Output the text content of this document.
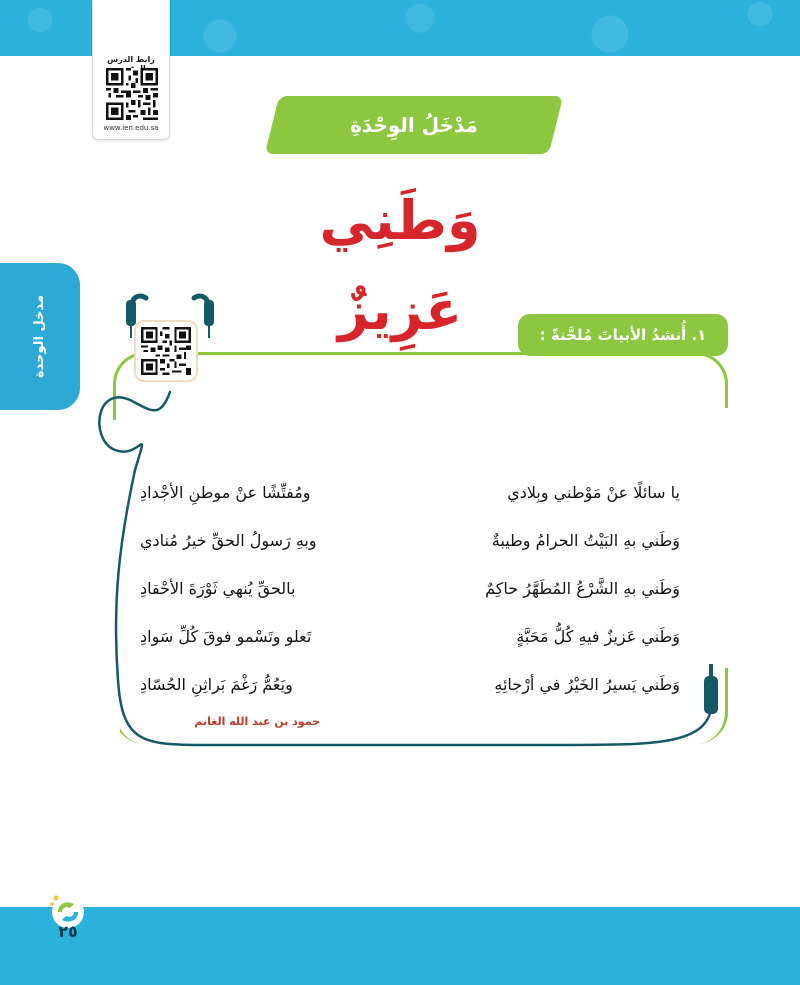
رابط الدرس
www.ien.edu.sa	مَدْخَلُ الوِحْدَةِ
وَطَنِي عَزِيزٌ
مدخل الوحدة	١. أُنشدُ الأبياتَ مُلحَّنةً :
يا سائلًا عنْ مَوْطني وبِلادي
ومُفتِّشًا عنْ موطنِ الأجْدادِ
وَطَني بهِ البَيْتُ الحرامُ وطيبةٌ
وبهِ رَسولُ الحقِّ خيرُ مُنادي
وَطَني بهِ الشَّرْعُ المُطَهَّرُ حاكِمٌ
بالحقِّ يُنهي ثَوْرَةَ الأحْقادِ
وَطَني عَزيزٌ فيهِ كُلُّ مَحَبَّةٍ
تَعلو وتَسْمو فوقَ كُلِّ سَوادِ
وَطَني يَسيرُ الخَيْرُ في أرْجائِهِ
ويَعُمُّ رَغْمَ بَراثِنِ الحُسّادِ
حمود بن عبد الله الغانم
٢٥
